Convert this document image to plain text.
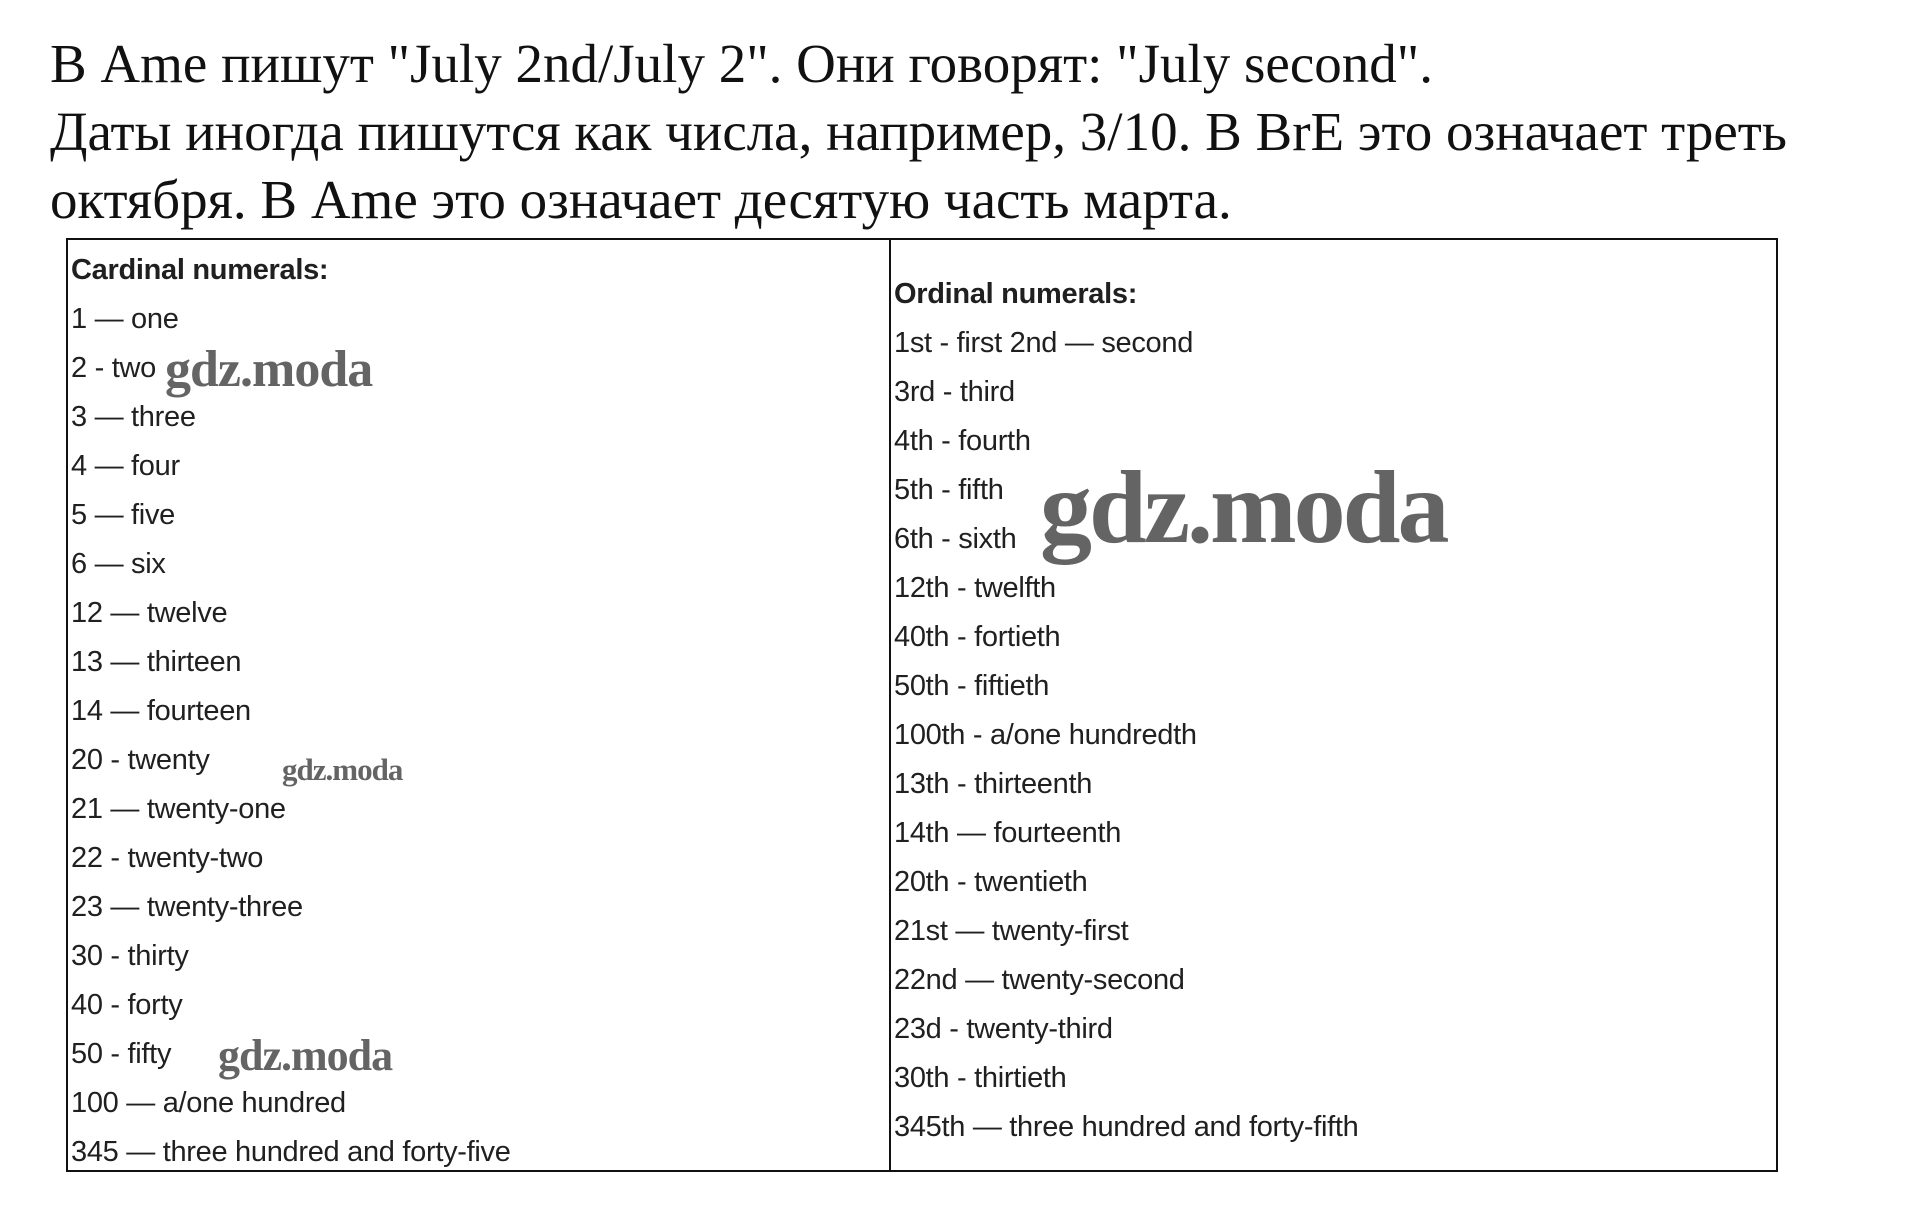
В Ame пишут "July 2nd/July 2". Они говорят: "July second".
Даты иногда пишутся как числа, например, 3/10. В BrE это означает треть
октября. В Ame это означает десятую часть марта.
Cardinal numerals:
1 — one
2 - two
3 — three
4 — four
5 — five
6 — six
12 — twelve
13 — thirteen
14 — fourteen
20 - twenty
21 — twenty-one
22 - twenty-two
23 — twenty-three
30 - thirty
40 - forty
50 - fifty
100 — a/one hundred
345 — three hundred and forty-five
Ordinal numerals:
1st - first 2nd — second
3rd - third
4th - fourth
5th - fifth
6th - sixth
12th - twelfth
40th - fortieth
50th - fiftieth
100th - a/one hundredth
13th - thirteenth
14th — fourteenth
20th - twentieth
21st — twenty-first
22nd — twenty-second
23d - twenty-third
30th - thirtieth
345th — three hundred and forty-fifth
gdz.moda
gdz.moda
gdz.moda
gdz.moda
